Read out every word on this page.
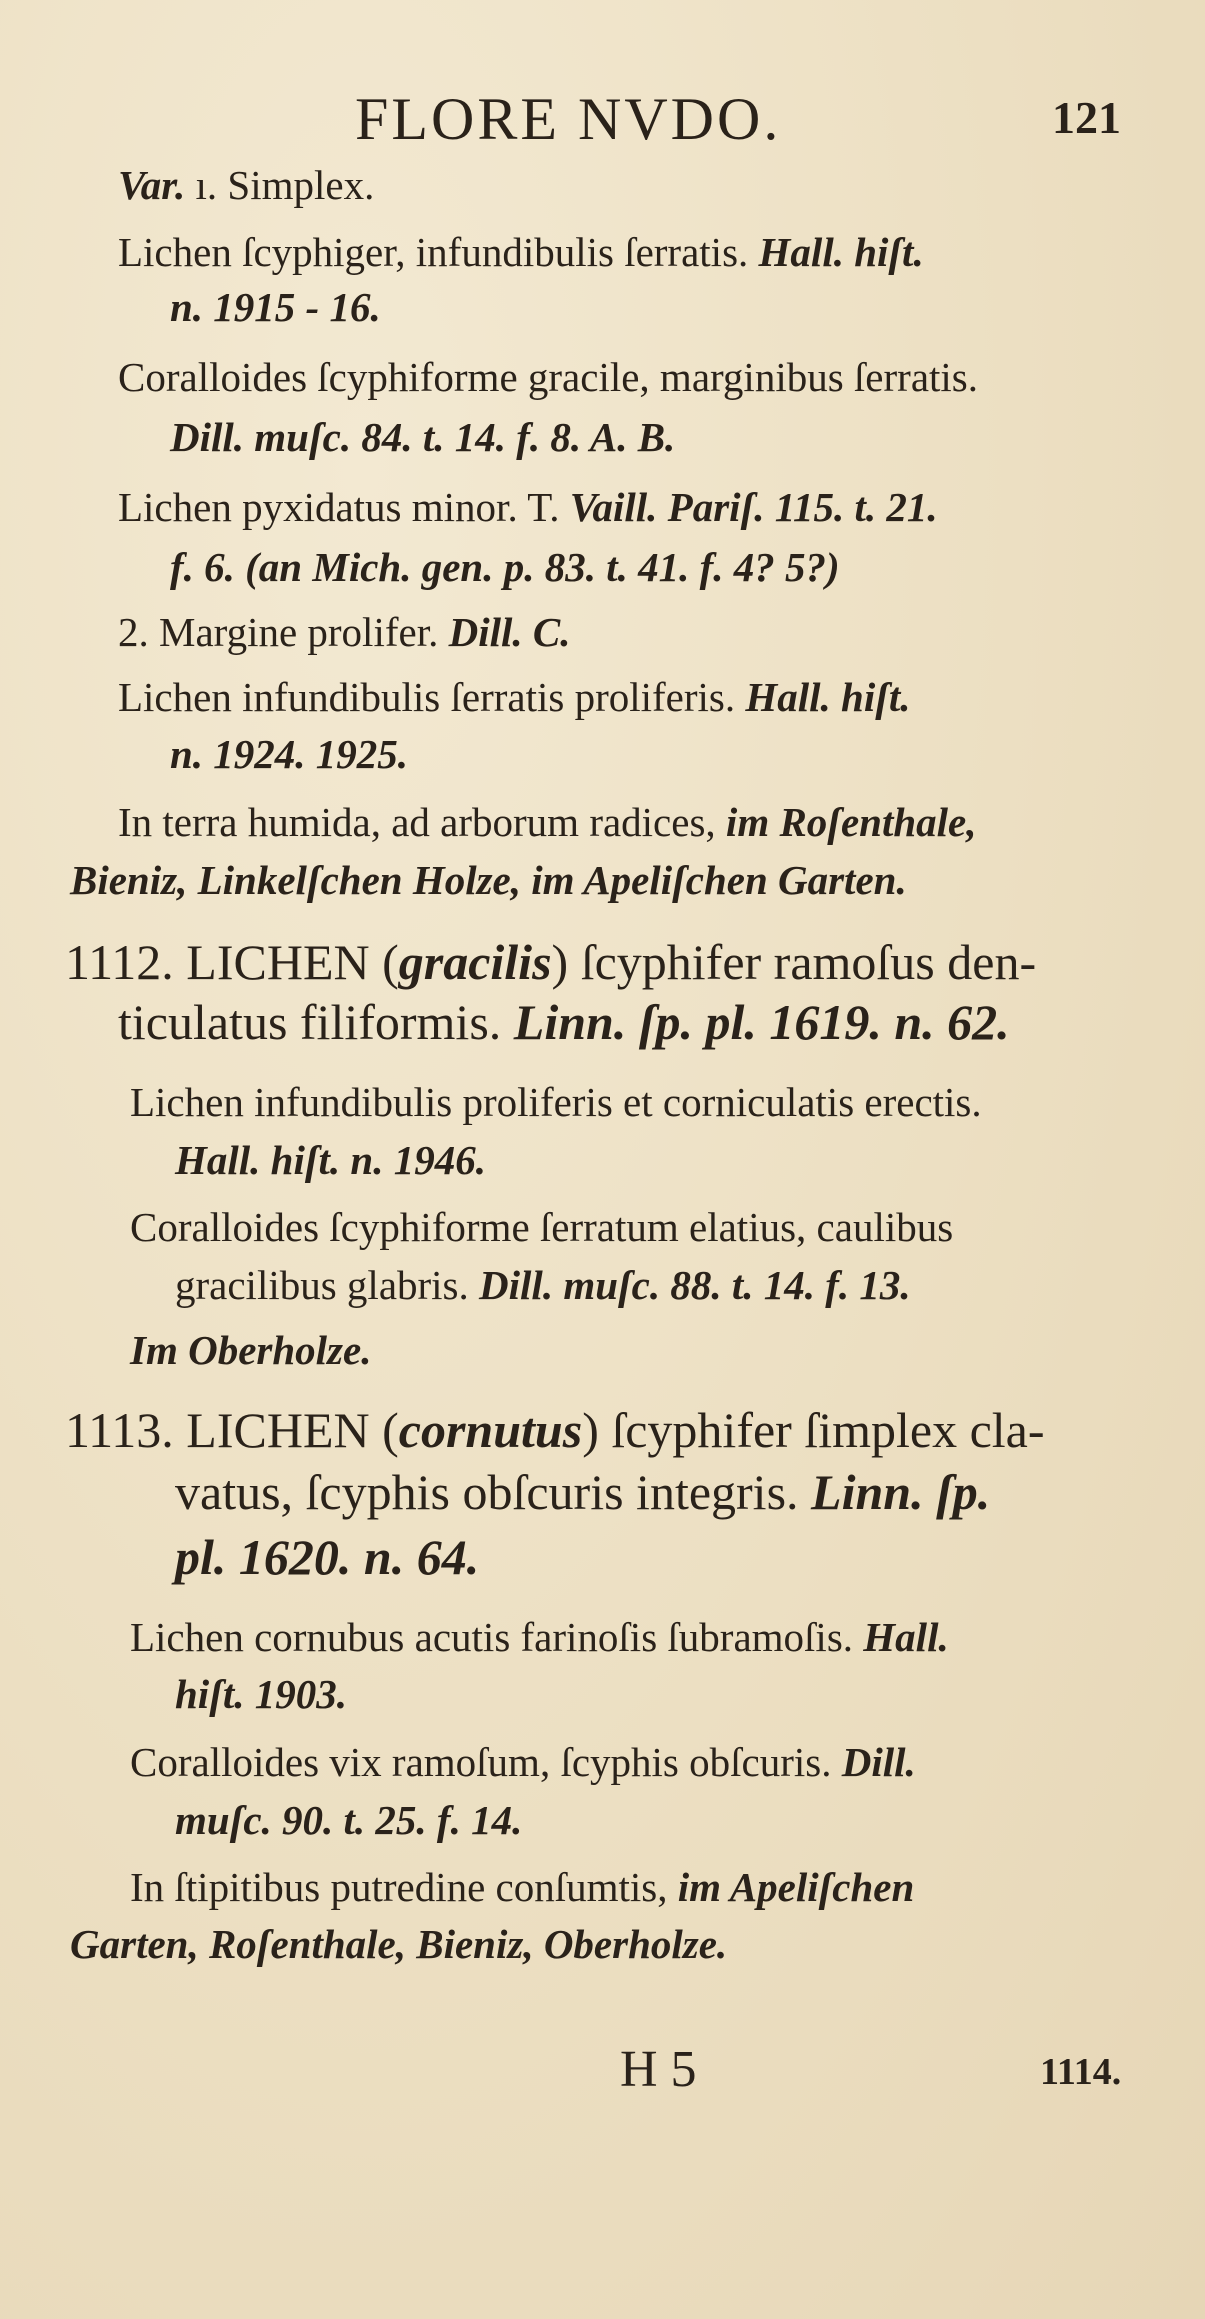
FLORE NVDO.	121
Var. ı. Simplex.
Lichen ſcyphiger, infundibulis ſerratis. Hall. hiſt.
n. 1915 - 16.
Coralloides ſcyphiforme gracile, marginibus ſerratis.
Dill. muſc. 84. t. 14. f. 8. A. B.
Lichen pyxidatus minor. T. Vaill. Pariſ. 115. t. 21.
f. 6. (an Mich. gen. p. 83. t. 41. f. 4? 5?)
2. Margine prolifer. Dill. C.
Lichen infundibulis ſerratis proliferis. Hall. hiſt.
n. 1924. 1925.
In terra humida, ad arborum radices, im Roſenthale,
Bieniz, Linkelſchen Holze, im Apeliſchen Garten.
1112. LICHEN (gracilis) ſcyphifer ramoſus den-
ticulatus filiformis. Linn. ſp. pl. 1619. n. 62.
Lichen infundibulis proliferis et corniculatis erectis.
Hall. hiſt. n. 1946.
Coralloides ſcyphiforme ſerratum elatius, caulibus
gracilibus glabris. Dill. muſc. 88. t. 14. f. 13.
Im Oberholze.
1113. LICHEN (cornutus) ſcyphifer ſimplex cla-
vatus, ſcyphis obſcuris integris. Linn. ſp.
pl. 1620. n. 64.
Lichen cornubus acutis farinoſis ſubramoſis. Hall.
hiſt. 1903.
Coralloides vix ramoſum, ſcyphis obſcuris. Dill.
muſc. 90. t. 25. f. 14.
In ſtipitibus putredine conſumtis, im Apeliſchen
Garten, Roſenthale, Bieniz, Oberholze.
H 5	1114.
